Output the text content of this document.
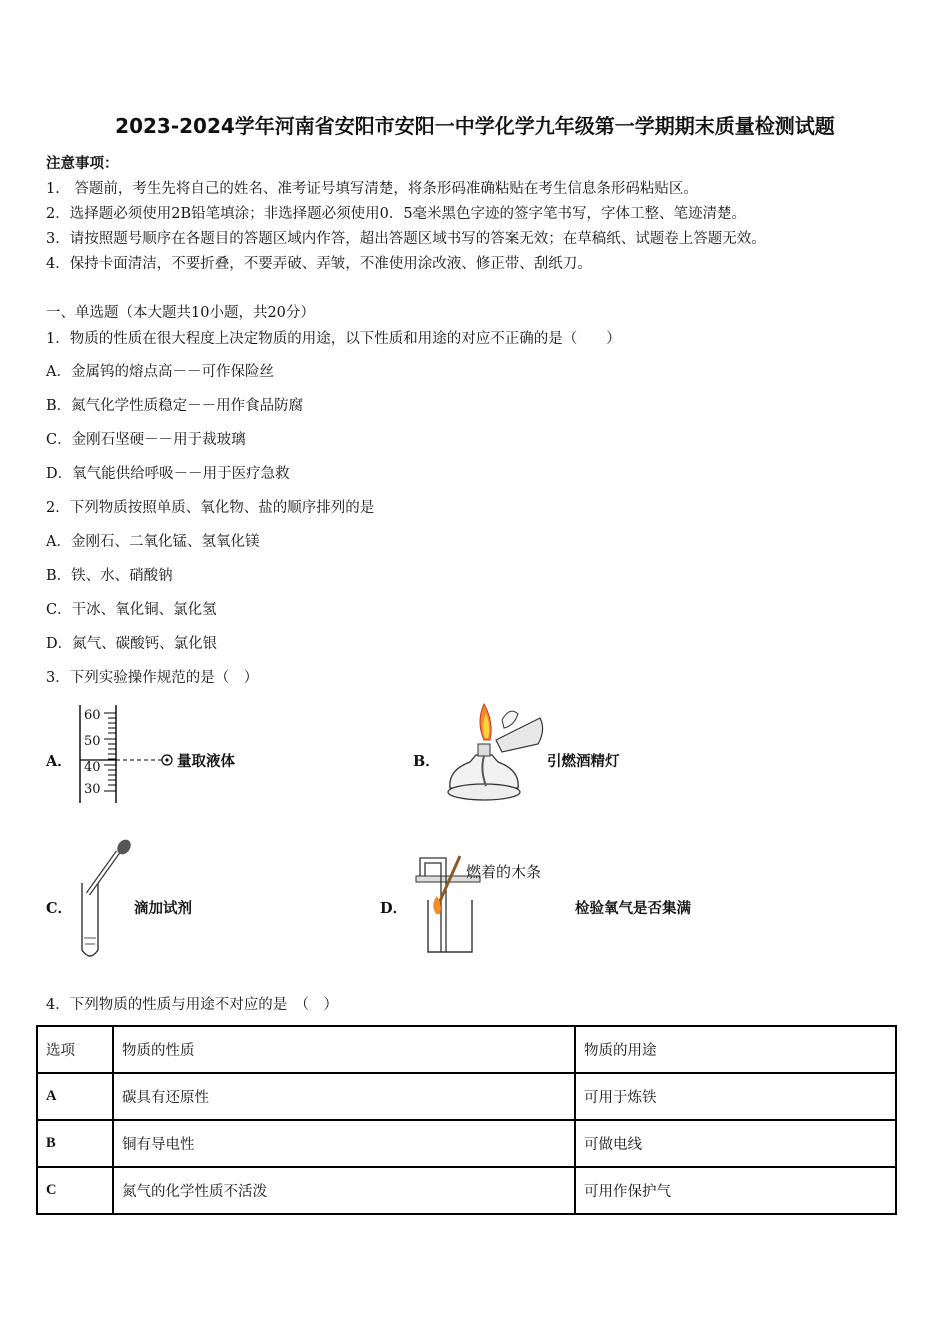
2023-2024学年河南省安阳市安阳一中学化学九年级第一学期期末质量检测试题
注意事项：
1.　答题前，考生先将自己的姓名、准考证号填写清楚，将条形码准确粘贴在考生信息条形码粘贴区。
2．选择题必须使用2B铅笔填涂；非选择题必须使用0．5毫米黑色字迹的签字笔书写，字体工整、笔迹清楚。
3．请按照题号顺序在各题目的答题区域内作答，超出答题区域书写的答案无效；在草稿纸、试题卷上答题无效。
4．保持卡面清洁，不要折叠，不要弄破、弄皱，不准使用涂改液、修正带、刮纸刀。
一、单选题（本大题共10小题，共20分）
1．物质的性质在很大程度上决定物质的用途，以下性质和用途的对应不正确的是（　　）
A．金属钨的熔点高－－可作保险丝
B．氮气化学性质稳定－－用作食品防腐
C．金刚石坚硬－－用于裁玻璃
D．氧气能供给呼吸－－用于医疗急救
2．下列物质按照单质、氧化物、盐的顺序排列的是
A．金刚石、二氧化锰、氢氧化镁
B．铁、水、硝酸钠
C．干冰、氧化铜、氯化氢
D．氮气、碳酸钙、氯化银
3．下列实验操作规范的是（　）
A．
60
50
40
30
量取液体	B．	引燃酒精灯
C．	滴加试剂	D．
燃着的木条
检验氧气是否集满
4．下列物质的性质与用途不对应的是　（　）
选项	物质的性质	物质的用途
A	碳具有还原性	可用于炼铁
B	铜有导电性	可做电线
C	氮气的化学性质不活泼	可用作保护气
